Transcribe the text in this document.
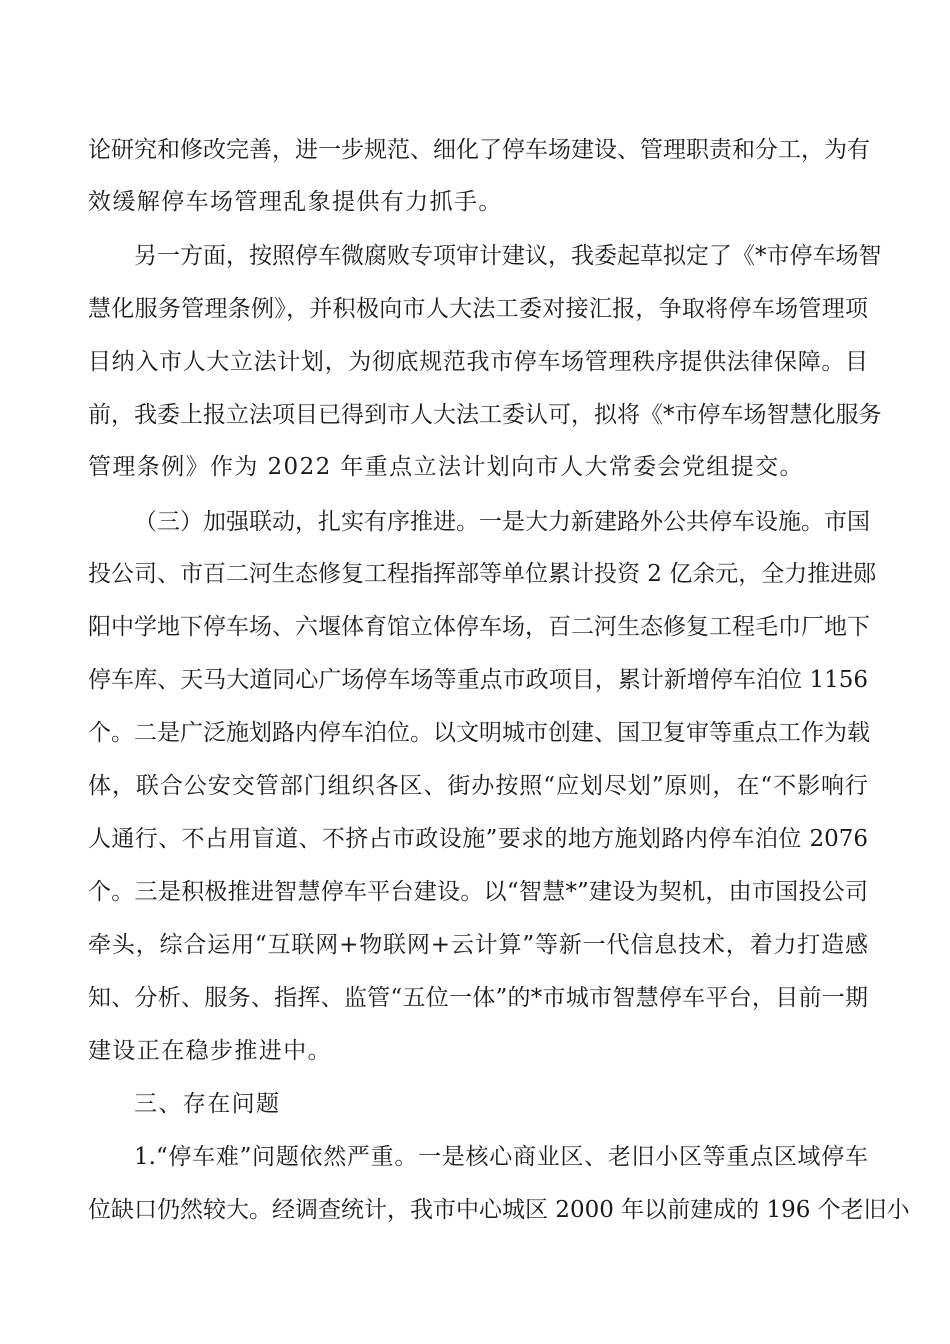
论研究和修改完善，进一步规范、细化了停车场建设、管理职责和分工，为有

效缓解停车场管理乱象提供有力抓手。

另一方面，按照停车微腐败专项审计建议，我委起草拟定了《*市停车场智

慧化服务管理条例》，并积极向市人大法工委对接汇报，争取将停车场管理项

目纳入市人大立法计划，为彻底规范我市停车场管理秩序提供法律保障。目

前，我委上报立法项目已得到市人大法工委认可，拟将《*市停车场智慧化服务

管理条例》作为 2022 年重点立法计划向市人大常委会党组提交。

（三）加强联动，扎实有序推进。一是大力新建路外公共停车设施。市国

投公司、市百二河生态修复工程指挥部等单位累计投资 2 亿余元，全力推进郧

阳中学地下停车场、六堰体育馆立体停车场，百二河生态修复工程毛巾厂地下

停车库、天马大道同心广场停车场等重点市政项目，累计新增停车泊位 1156

个。二是广泛施划路内停车泊位。以文明城市创建、国卫复审等重点工作为载

体，联合公安交管部门组织各区、街办按照“应划尽划”原则，在“不影响行

人通行、不占用盲道、不挤占市政设施”要求的地方施划路内停车泊位 2076

个。三是积极推进智慧停车平台建设。以“智慧*”建设为契机，由市国投公司

牵头，综合运用“互联网+物联网+云计算”等新一代信息技术，着力打造感

知、分析、服务、指挥、监管“五位一体”的*市城市智慧停车平台，目前一期

建设正在稳步推进中。

三、存在问题

1.“停车难”问题依然严重。一是核心商业区、老旧小区等重点区域停车

位缺口仍然较大。经调查统计，我市中心城区 2000 年以前建成的 196 个老旧小
